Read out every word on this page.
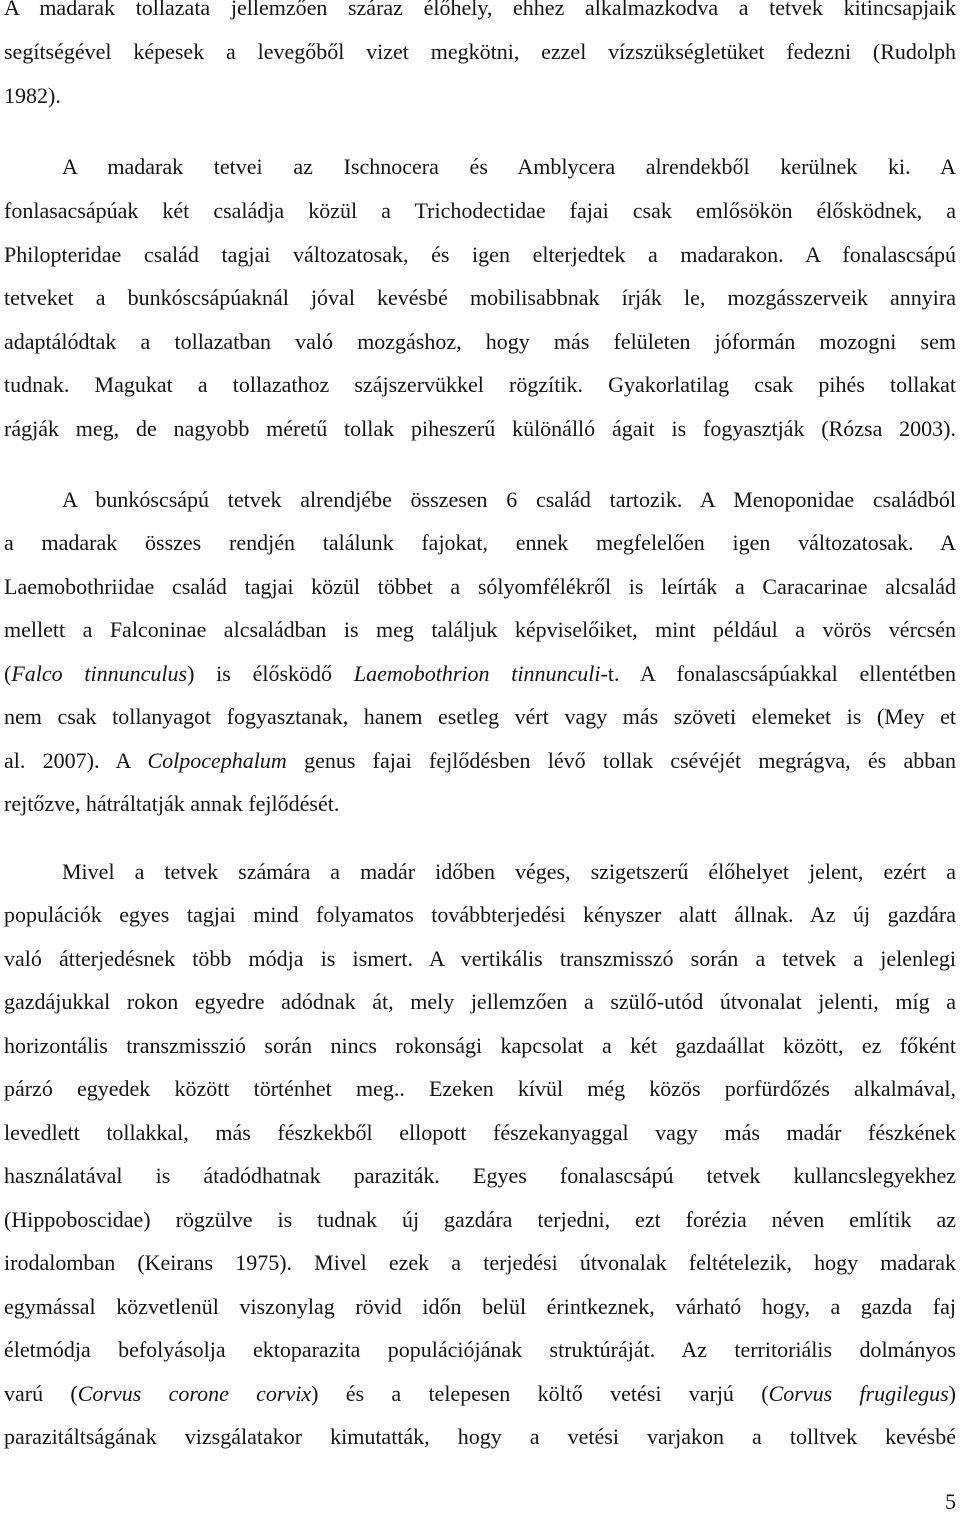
A madarak tollazata jellemzően száraz élőhely, ehhez alkalmazkodva a tetvek kitincsapjaik
segítségével képesek a levegőből vizet megkötni, ezzel vízszükségletüket fedezni (Rudolph
1982).
A madarak tetvei az Ischnocera és Amblycera alrendekből kerülnek ki. A
fonlasacsápúak két családja közül a Trichodectidae fajai csak emlősökön élősködnek, a
Philopteridae család tagjai változatosak, és igen elterjedtek a madarakon. A fonalascsápú
tetveket a bunkóscsápúaknál jóval kevésbé mobilisabbnak írják le, mozgásszerveik annyira
adaptálódtak a tollazatban való mozgáshoz, hogy más felületen jóformán mozogni sem
tudnak. Magukat a tollazathoz szájszervükkel rögzítik. Gyakorlatilag csak pihés tollakat
rágják meg, de nagyobb méretű tollak piheszerű különálló ágait is fogyasztják (Rózsa 2003).
A bunkóscsápú tetvek alrendjébe összesen 6 család tartozik. A Menoponidae családból
a madarak összes rendjén találunk fajokat, ennek megfelelően igen változatosak. A
Laemobothriidae család tagjai közül többet a sólyomfélékről is leírták a Caracarinae alcsalád
mellett a Falconinae alcsaládban is meg találjuk képviselőiket, mint például a vörös vércsén
(Falco tinnunculus) is élősködő Laemobothrion tinnunculi-t. A fonalascsápúakkal ellentétben
nem csak tollanyagot fogyasztanak, hanem esetleg vért vagy más szöveti elemeket is (Mey et
al. 2007). A Colpocephalum genus fajai fejlődésben lévő tollak csévéjét megrágva, és abban
rejtőzve, hátráltatják annak fejlődését.
Mivel a tetvek számára a madár időben véges, szigetszerű élőhelyet jelent, ezért a
populációk egyes tagjai mind folyamatos továbbterjedési kényszer alatt állnak. Az új gazdára
való átterjedésnek több módja is ismert. A vertikális transzmisszó során a tetvek a jelenlegi
gazdájukkal rokon egyedre adódnak át, mely jellemzően a szülő-utód útvonalat jelenti, míg a
horizontális transzmisszió során nincs rokonsági kapcsolat a két gazdaállat között, ez főként
párzó egyedek között történhet meg.. Ezeken kívül még közös porfürdőzés alkalmával,
levedlett tollakkal, más fészkekből ellopott fészekanyaggal vagy más madár fészkének
használatával is átadódhatnak paraziták. Egyes fonalascsápú tetvek kullancslegyekhez
(Hippoboscidae) rögzülve is tudnak új gazdára terjedni, ezt forézia néven említik az
irodalomban (Keirans 1975). Mivel ezek a terjedési útvonalak feltételezik, hogy madarak
egymással közvetlenül viszonylag rövid időn belül érintkeznek, várható hogy, a gazda faj
életmódja befolyásolja ektoparazita populációjának struktúráját. Az territoriális dolmányos
varú (Corvus corone corvix) és a telepesen költő vetési varjú (Corvus frugilegus)
parazitáltságának vizsgálatakor kimutatták, hogy a vetési varjakon a tolltvek kevésbé
5
